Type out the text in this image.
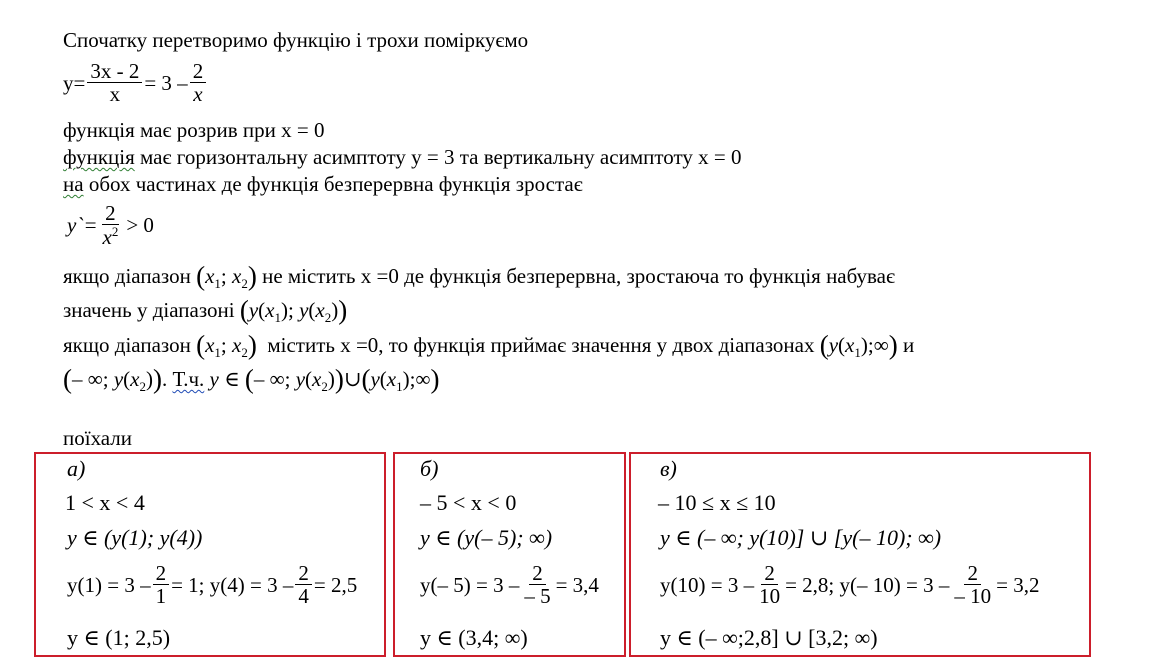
Спочатку перетворимо функцію і трохи поміркуємо
$y= \frac{3x - 2}{x} = 3 - \frac{2}{x}$
функція має розрив при x = 0
функція має горизонтальну асимптоту y = 3 та вертикальну асимптоту x = 0
на обох частинах де функція безперервна функція зростає
y`= $\frac{2}{x^2} > 0$
якщо діапазон ($x_1$; $x_2$) не містить x =0 де функція безперервна, зростаюча то функція набуває
значень у діапазоні ($y(x_1)$; $y(x_2)$)
якщо діапазон ($x_1$; $x_2$) містить x =0, то функція приймає значення у двох діапазонах $(y(x_1);\infty)$ и
(– ∞; $y(x_2)$). Т.ч. y ∈ (– ∞; $y(x_2))\cup(y(x_1);\infty)$
поїхали
а)
1 < x < 4
y ∈ (y(1); y(4))
$y(1) = 3 - \frac{2}{1} = 1$; $y(4) = 3 - \frac{2}{4} = 2,5$
y ∈ (1; 2,5)
б)
– 5 < x < 0
y ∈ (y(– 5); ∞)
y(– $5) = 3 - \frac{2}{- 5} = 3,4$
y ∈ (3,4; ∞)
в)
– 10 ≤ x ≤ 10
y ∈ (– ∞; y(10)] ∪ [y(– 10); ∞)
$y(10) = 3 - \frac{2}{10} = 2,8$; y(– $10) = 3 - \frac{2}{- 10} = 3,2$
y ∈ (– ∞;2,8] ∪ [3,2; ∞)
